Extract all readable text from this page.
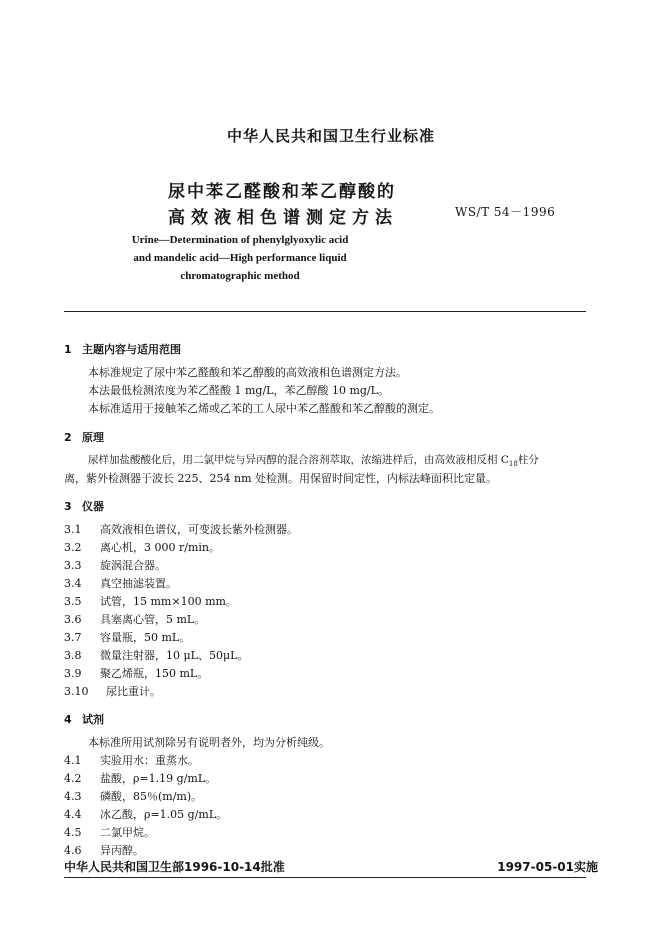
中华人民共和国卫生行业标准
尿中苯乙醛酸和苯乙醇酸的
高效液相色谱测定方法	WS/T 54－1996
Urine—Determination of phenylglyoxylic acid
and mandelic acid—High performance liquid
chromatographic method
1 主题内容与适用范围
本标准规定了尿中苯乙醛酸和苯乙醇酸的高效液相色谱测定方法。
本法最低检测浓度为苯乙醛酸 1 mg/L，苯乙醇酸 10 mg/L。
本标准适用于接触苯乙烯或乙苯的工人尿中苯乙醛酸和苯乙醇酸的测定。
2 原理
尿样加盐酸酸化后，用二氯甲烷与异丙醇的混合溶剂萃取，浓缩进样后，由高效液相反相 $C_{18}$柱分
离，紫外检测器于波长 225、254 nm 处检测。用保留时间定性，内标法峰面积比定量。
3 仪器
3.1 高效液相色谱仪，可变波长紫外检测器。
3.2 离心机，3 000 r/min。
3.3 旋涡混合器。
3.4 真空抽滤装置。
3.5 试管，15 mm×100 mm。
3.6 具塞离心管，5 mL。
3.7 容量瓶，50 mL。
3.8 微量注射器，10 μL、50μL。
3.9 聚乙烯瓶，150 mL。
3.10 尿比重计。
4 试剂
本标准所用试剂除另有说明者外，均为分析纯级。
4.1 实验用水：重蒸水。
4.2 盐酸，ρ=1.19 g/mL。
4.3 磷酸，85％(m/m)。
4.4 冰乙酸，ρ=1.05 g/mL。
4.5 二氯甲烷。
4.6 异丙醇。
中华人民共和国卫生部1996-10-14批准	1997-05-01实施
